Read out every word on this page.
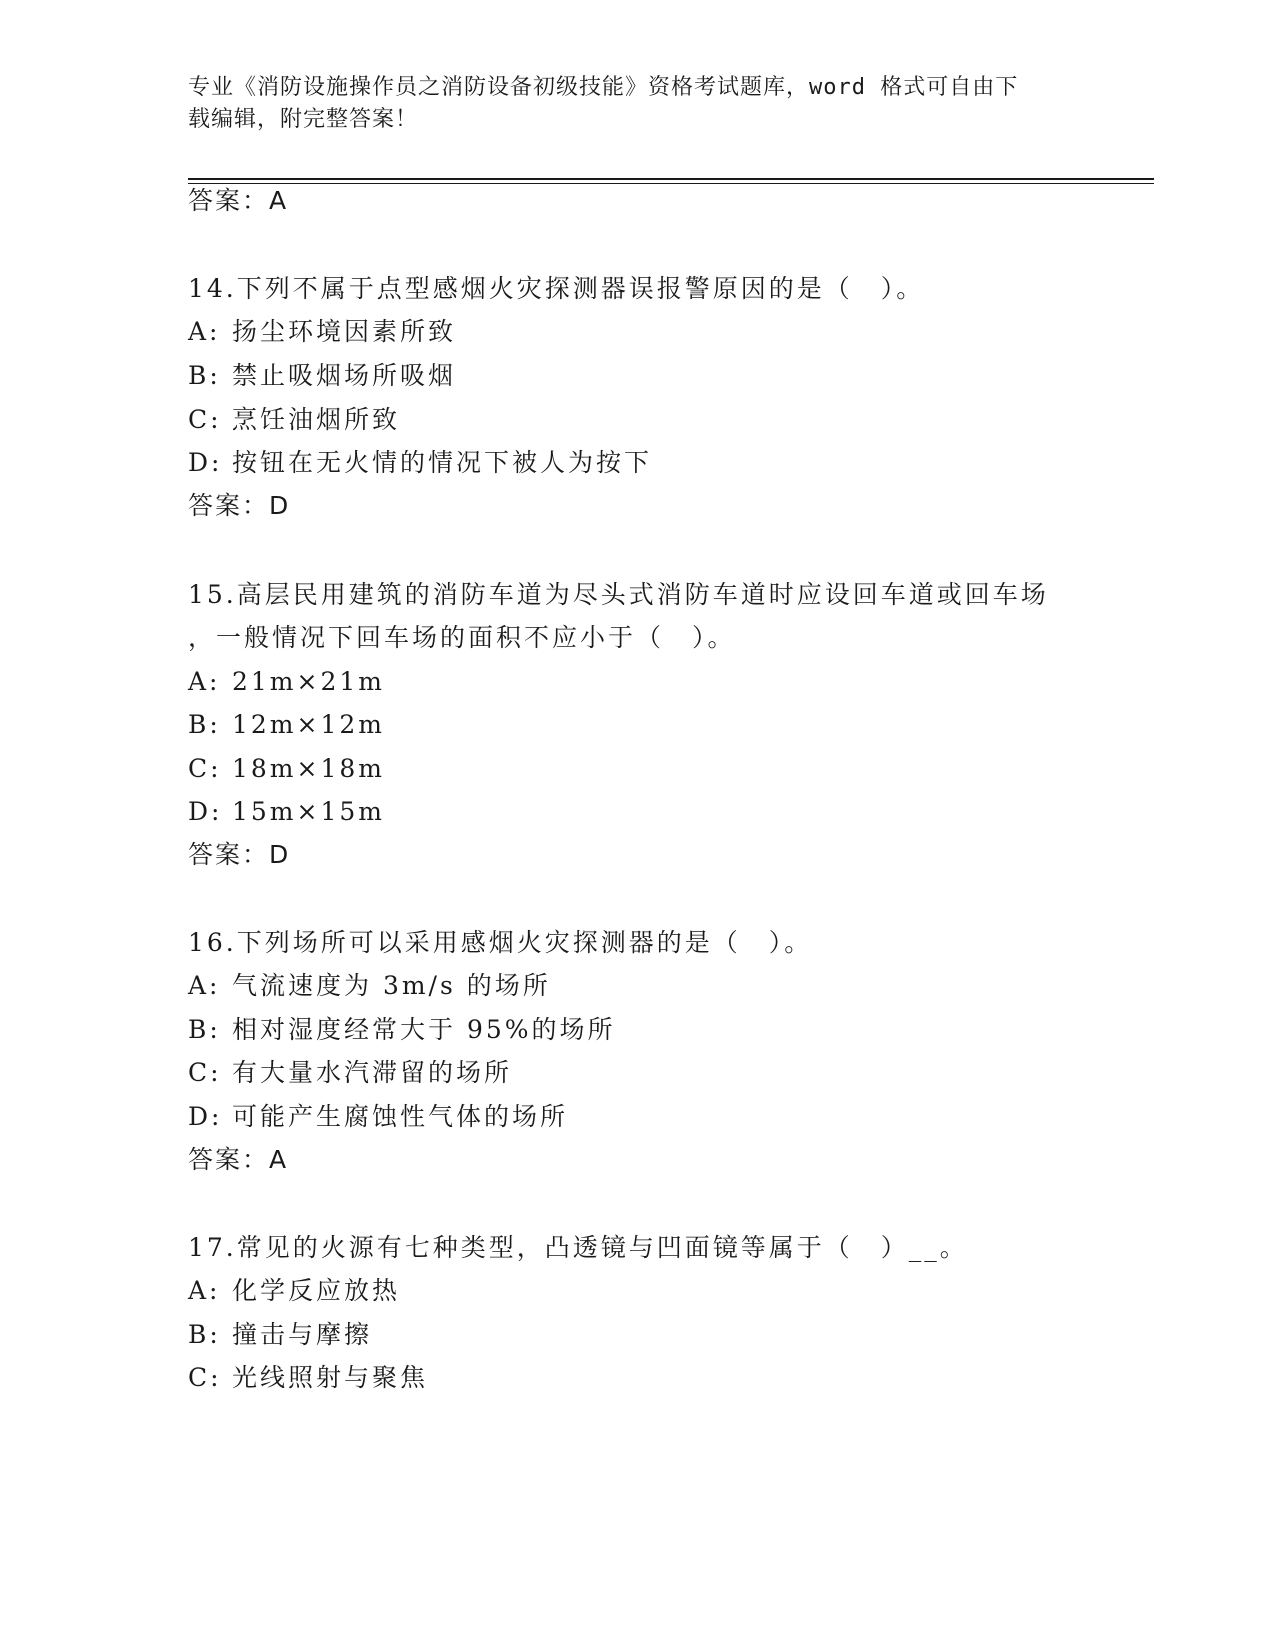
专业《消防设施操作员之消防设备初级技能》资格考试题库，word 格式可自由下
载编辑，附完整答案！
答案：A
14.下列不属于点型感烟火灾探测器误报警原因的是（　）。
A: 扬尘环境因素所致
B: 禁止吸烟场所吸烟
C: 烹饪油烟所致
D: 按钮在无火情的情况下被人为按下
答案：D
15.高层民用建筑的消防车道为尽头式消防车道时应设回车道或回车场
，一般情况下回车场的面积不应小于（　）。
A: 21m×21m
B: 12m×12m
C: 18m×18m
D: 15m×15m
答案：D
16.下列场所可以采用感烟火灾探测器的是（　）。
A: 气流速度为 3m/s 的场所
B: 相对湿度经常大于 95%的场所
C: 有大量水汽滞留的场所
D: 可能产生腐蚀性气体的场所
答案：A
17.常见的火源有七种类型，凸透镜与凹面镜等属于（　）__。
A: 化学反应放热
B: 撞击与摩擦
C: 光线照射与聚焦
